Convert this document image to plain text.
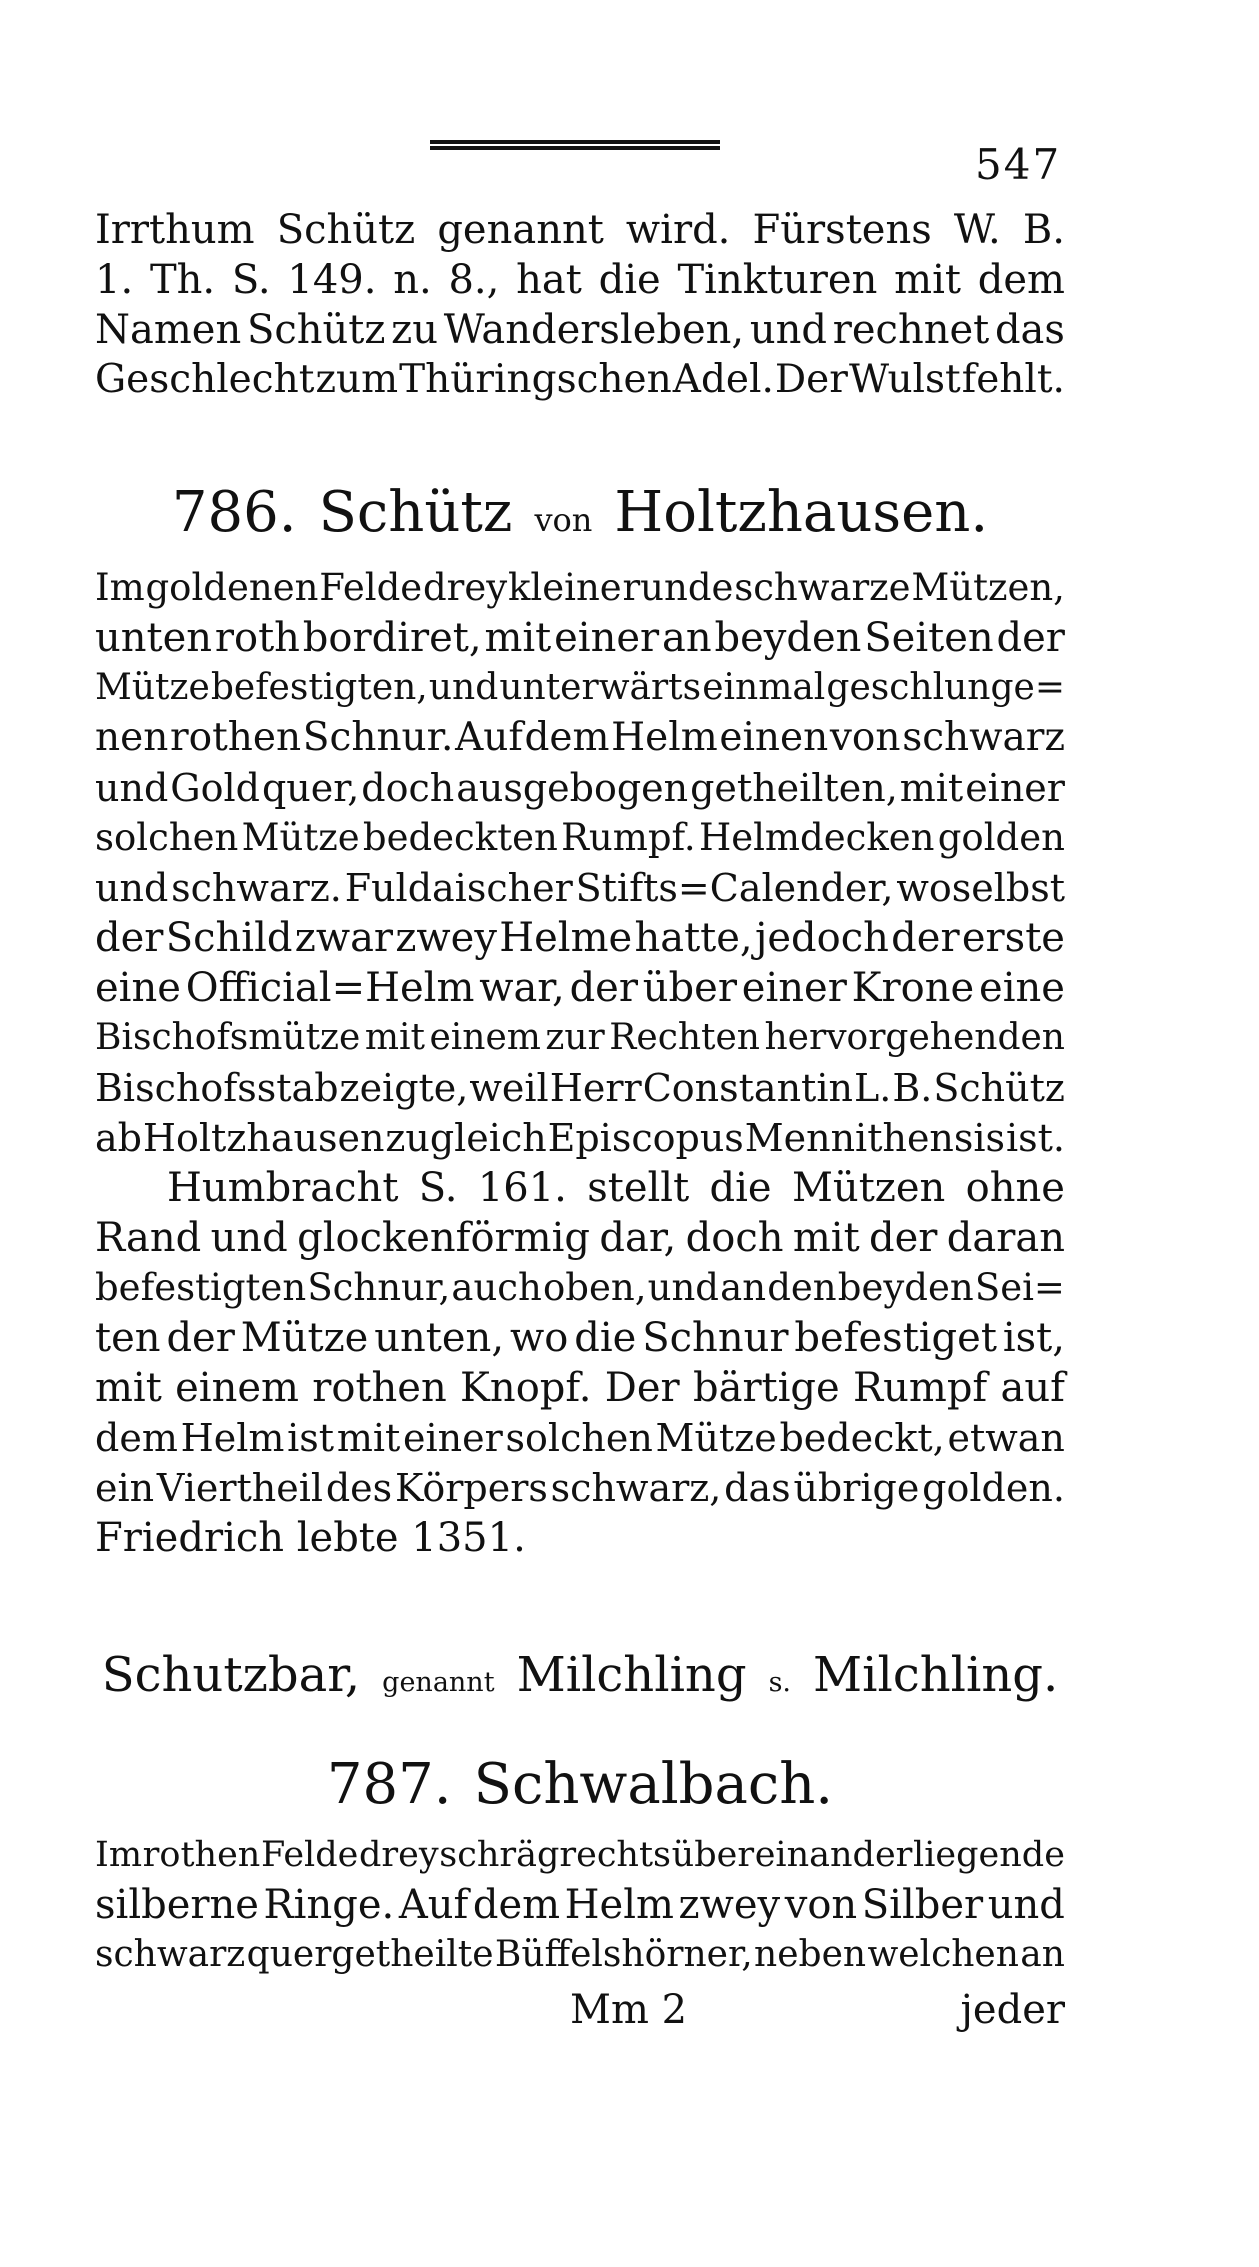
547
Irrthum Schütz genannt wird. Fürstens W. B.
1. Th. S. 149. n. 8., hat die Tinkturen mit dem
Namen Schütz zu Wandersleben, und rechnet das
Geschlecht zum Thüringschen Adel. Der Wulst fehlt.
786. Schütz von Holtzhausen.
Im goldenen Felde drey kleine runde schwarze Mützen,
unten roth bordiret, mit einer an beyden Seiten der
Mütze befestigten, und unterwärts einmal geschlunge=
nen rothen Schnur. Auf dem Helm einen von schwarz
und Gold quer, doch ausgebogen getheilten, mit einer
solchen Mütze bedeckten Rumpf. Helmdecken golden
und schwarz. Fuldaischer Stifts=Calender, woselbst
der Schild zwar zwey Helme hatte, jedoch der erste
eine Official=Helm war, der über einer Krone eine
Bischofsmütze mit einem zur Rechten hervorgehenden
Bischofsstab zeigte, weil Herr Constantin L. B. Schütz
ab Holtzhausen zugleich Episcopus Mennithensis ist.
Humbracht S. 161. stellt die Mützen ohne
Rand und glockenförmig dar, doch mit der daran
befestigten Schnur, auch oben, und an den beyden Sei=
ten der Mütze unten, wo die Schnur befestiget ist,
mit einem rothen Knopf. Der bärtige Rumpf auf
dem Helm ist mit einer solchen Mütze bedeckt, etwan
ein Viertheil des Körpers schwarz, das übrige golden.
Friedrich lebte 1351.
Schutzbar, genannt Milchling s. Milchling.
787. Schwalbach.
Im rothen Felde drey schrägrechts über einander liegende
silberne Ringe. Auf dem Helm zwey von Silber und
schwarz quergetheilte Büffelshörner, neben welchen an
Mm 2	jeder
